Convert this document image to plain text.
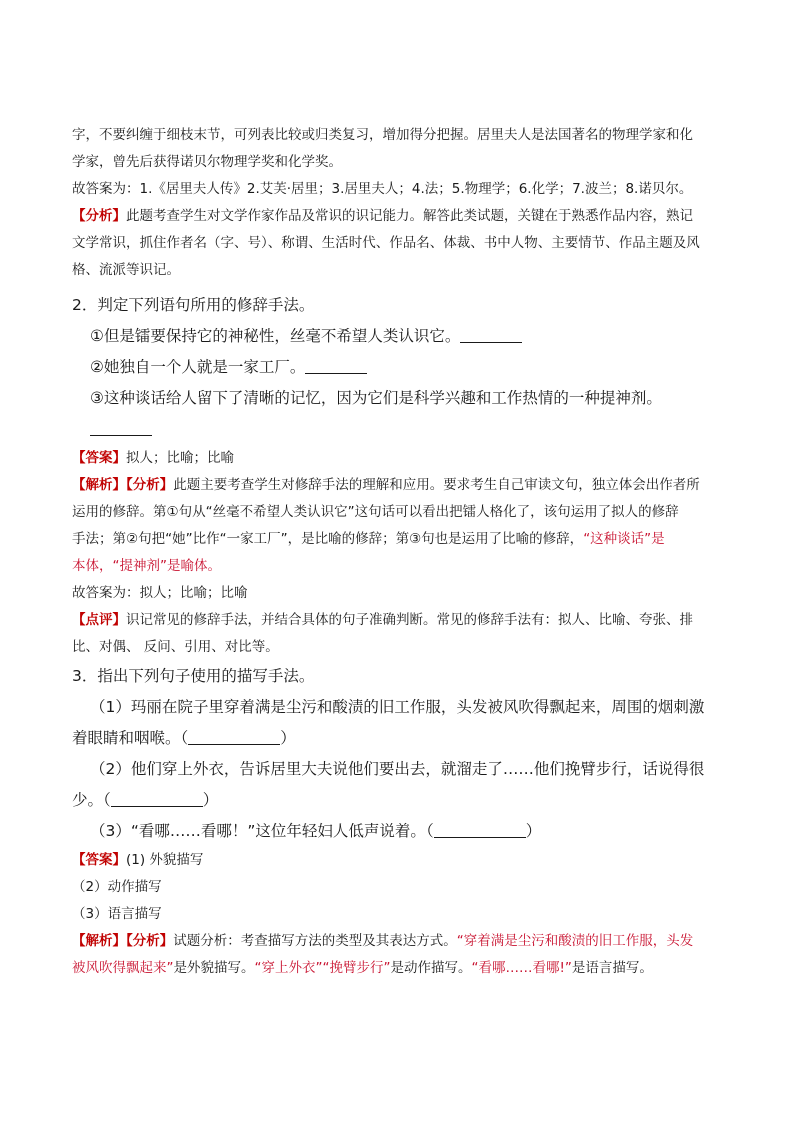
字，不要纠缠于细枝末节，可列表比较或归类复习，增加得分把握。居里夫人是法国著名的物理学家和化

学家，曾先后获得诺贝尔物理学奖和化学奖。

故答案为：1.《居里夫人传》2.艾芙·居里；3.居里夫人；4.法；5.物理学；6.化学；7.波兰；8.诺贝尔。

【分析】此题考查学生对文学作家作品及常识的识记能力。解答此类试题，关键在于熟悉作品内容，熟记

文学常识，抓住作者名（字、号）、称谓、生活时代、作品名、体裁、书中人物、主要情节、作品主题及风

格、流派等识记。

2．判定下列语句所用的修辞手法。

①但是镭要保持它的神秘性，丝毫不希望人类认识它。

②她独自一个人就是一家工厂。

③这种谈话给人留下了清晰的记忆，因为它们是科学兴趣和工作热情的一种提神剂。

【答案】拟人；比喻；比喻

【解析】【分析】此题主要考查学生对修辞手法的理解和应用。要求考生自己审读文句，独立体会出作者所

运用的修辞。第①句从“丝毫不希望人类认识它”这句话可以看出把镭人格化了，该句运用了拟人的修辞

手法；第②句把“她”比作“一家工厂”，是比喻的修辞；第③句也是运用了比喻的修辞，“这种谈话”是

本体，“提神剂”是喻体。

故答案为：拟人；比喻；比喻

【点评】识记常见的修辞手法，并结合具体的句子准确判断。常见的修辞手法有：拟人、比喻、夸张、排

比、对偶、 反问、引用、对比等。

3．指出下列句子使用的描写手法。

（1）玛丽在院子里穿着满是尘污和酸渍的旧工作服，头发被风吹得飘起来，周围的烟刺激

着眼睛和咽喉。（	）

（2）他们穿上外衣，告诉居里大夫说他们要出去，就溜走了……他们挽臂步行，话说得很

少。（	）

（3）“看哪……看哪！”这位年轻妇人低声说着。（	）

【答案】(1) 外貌描写

（2）动作描写

（3）语言描写

【解析】【分析】试题分析：考查描写方法的类型及其表达方式。“穿着满是尘污和酸渍的旧工作服，头发

被风吹得飘起来”是外貌描写。“穿上外衣”“挽臂步行”是动作描写。“看哪……看哪!”是语言描写。
